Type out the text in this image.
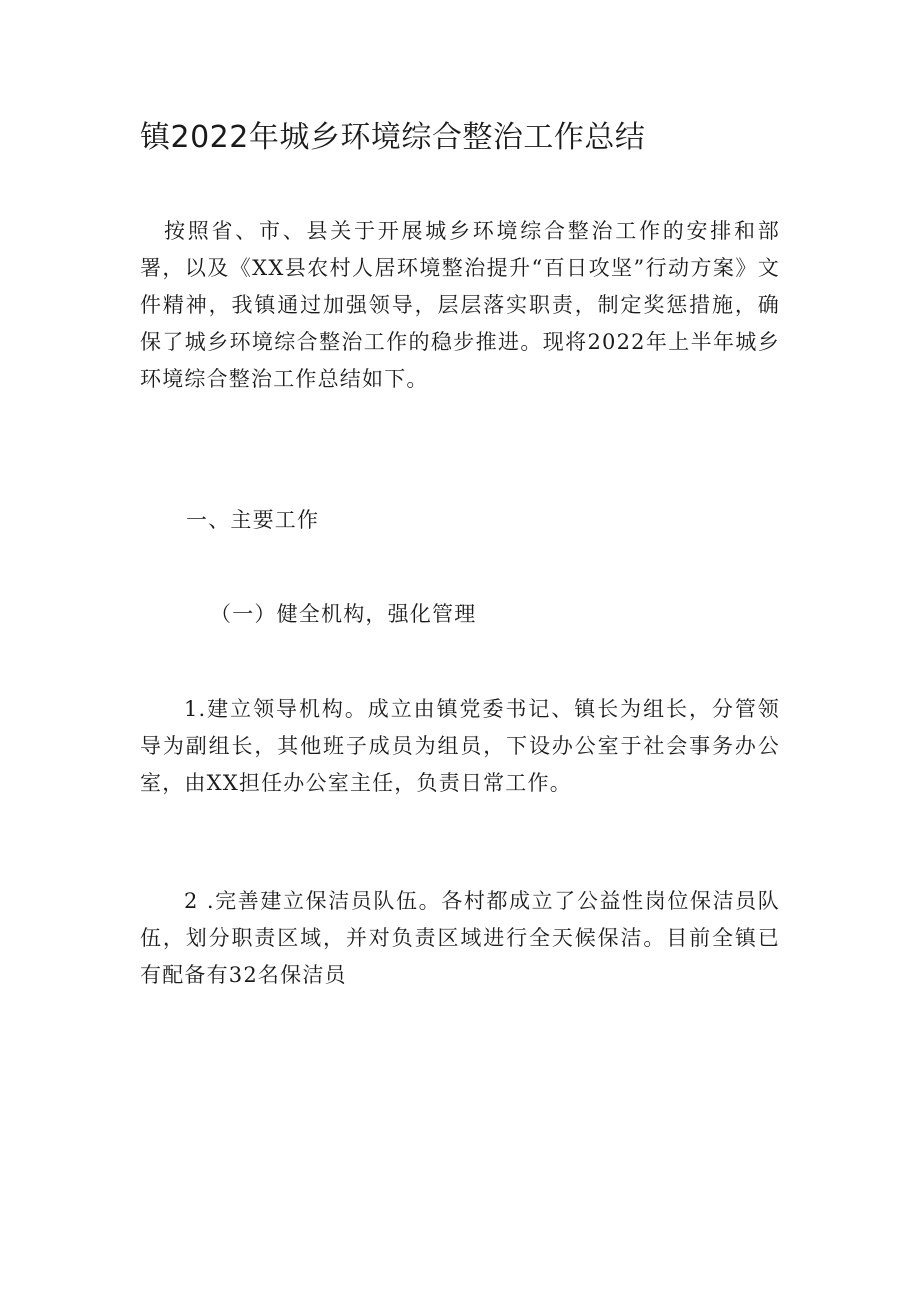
镇2022年城乡环境综合整治工作总结

按照省、市、县关于开展城乡环境综合整治工作的安排和部署，以及《XX县农村人居环境整治提升“百日攻坚”行动方案》文件精神，我镇通过加强领导，层层落实职责，制定奖惩措施，确保了城乡环境综合整治工作的稳步推进。现将2022年上半年城乡环境综合整治工作总结如下。

一、主要工作

（一）健全机构，强化管理

1.建立领导机构。成立由镇党委书记、镇长为组长，分管领导为副组长，其他班子成员为组员，下设办公室于社会事务办公室，由XX担任办公室主任，负责日常工作。

2 .完善建立保洁员队伍。各村都成立了公益性岗位保洁员队伍，划分职责区域，并对负责区域进行全天候保洁。目前全镇已有配备有32名保洁员
